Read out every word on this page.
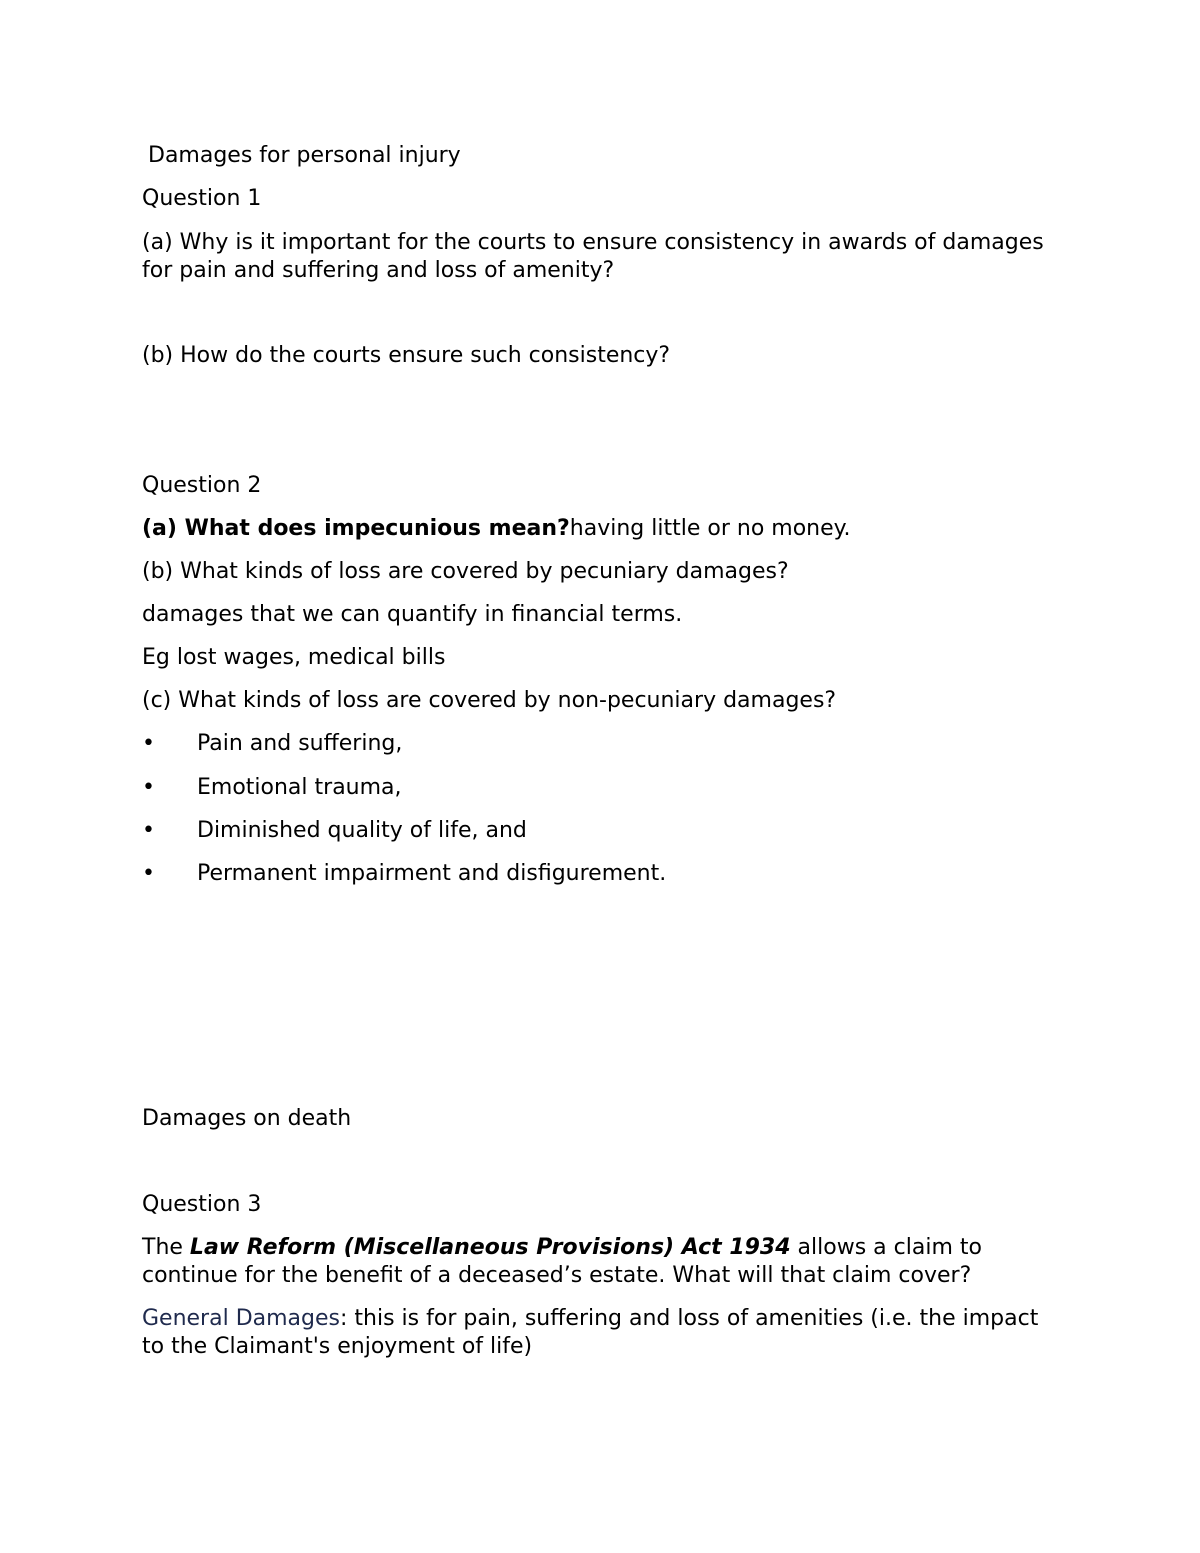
Damages for personal injury
Question 1
(a) Why is it important for the courts to ensure consistency in awards of damages for pain and suffering and loss of amenity?
(b) How do the courts ensure such consistency?
Question 2
(a) What does impecunious mean?having little or no money.
(b) What kinds of loss are covered by pecuniary damages?
damages that we can quantify in financial terms.
Eg lost wages, medical bills
(c) What kinds of loss are covered by non-pecuniary damages?
•	Pain and suffering,
•	Emotional trauma,
•	Diminished quality of life, and
•	Permanent impairment and disfigurement.
Damages on death
Question 3
The Law Reform (Miscellaneous Provisions) Act 1934 allows a claim to continue for the benefit of a deceased’s estate. What will that claim cover?
General Damages: this is for pain, suffering and loss of amenities (i.e. the impact to the Claimant's enjoyment of life)
